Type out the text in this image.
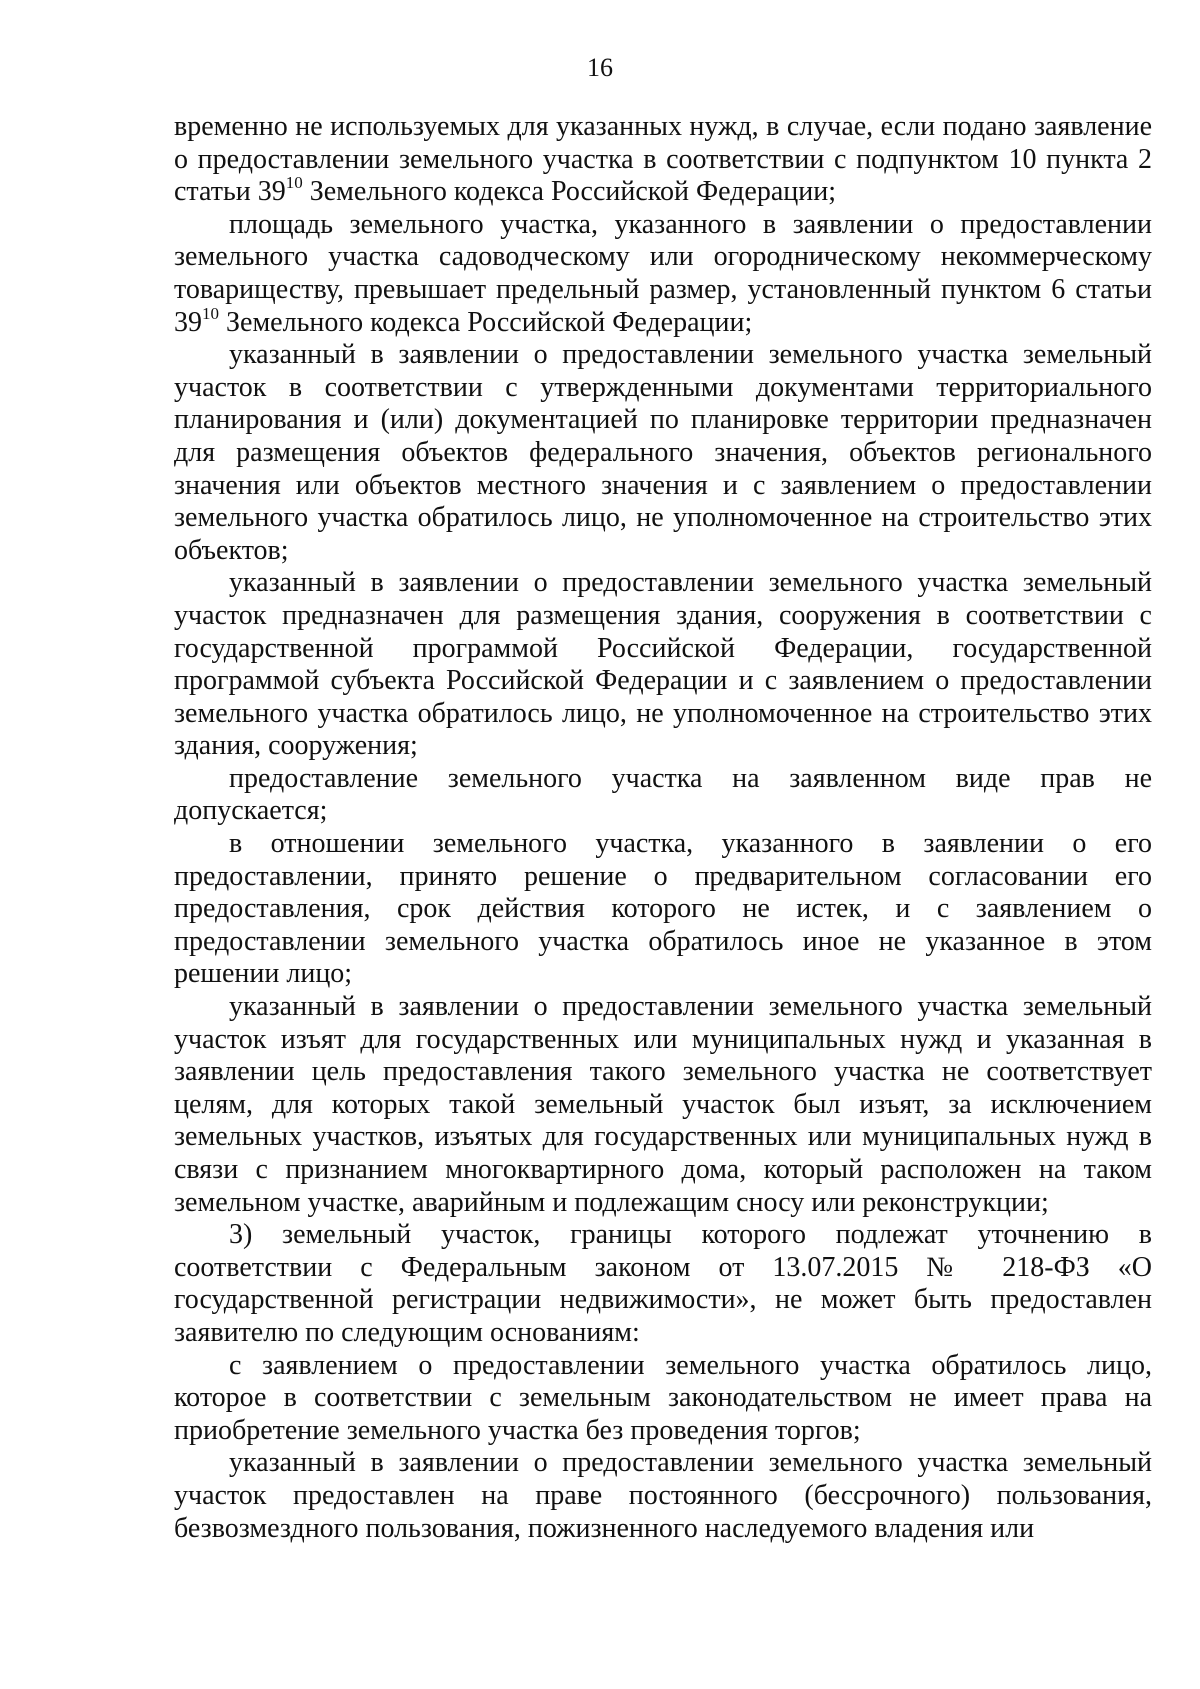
16

временно не используемых для указанных нужд, в случае, если подано заявление о предоставлении земельного участка в соответствии с подпунктом 10 пункта 2 статьи $39^{10}$ Земельного кодекса Российской Федерации;

площадь земельного участка, указанного в заявлении о предоставлении земельного участка садоводческому или огородническому некоммерческому товариществу, превышает предельный размер, установленный пунктом 6 статьи $39^{10}$ Земельного кодекса Российской Федерации;

указанный в заявлении о предоставлении земельного участка земельный участок в соответствии с утвержденными документами территориального планирования и (или) документацией по планировке территории предназначен для размещения объектов федерального значения, объектов регионального значения или объектов местного значения и с заявлением о предоставлении земельного участка обратилось лицо, не уполномоченное на строительство этих объектов;

указанный в заявлении о предоставлении земельного участка земельный участок предназначен для размещения здания, сооружения в соответствии с государственной программой Российской Федерации, государственной программой субъекта Российской Федерации и с заявлением о предоставлении земельного участка обратилось лицо, не уполномоченное на строительство этих здания, сооружения;

предоставление земельного участка на заявленном виде прав не допускается;

в отношении земельного участка, указанного в заявлении о его предоставлении, принято решение о предварительном согласовании его предоставления, срок действия которого не истек, и с заявлением о предоставлении земельного участка обратилось иное не указанное в этом решении лицо;

указанный в заявлении о предоставлении земельного участка земельный участок изъят для государственных или муниципальных нужд и указанная в заявлении цель предоставления такого земельного участка не соответствует целям, для которых такой земельный участок был изъят, за исключением земельных участков, изъятых для государственных или муниципальных нужд в связи с признанием многоквартирного дома, который расположен на таком земельном участке, аварийным и подлежащим сносу или реконструкции;

3) земельный участок, границы которого подлежат уточнению в соответствии с Федеральным законом от 13.07.2015 № 218-ФЗ «О государственной регистрации недвижимости», не может быть предоставлен заявителю по следующим основаниям:

с заявлением о предоставлении земельного участка обратилось лицо, которое в соответствии с земельным законодательством не имеет права на приобретение земельного участка без проведения торгов;

указанный в заявлении о предоставлении земельного участка земельный участок предоставлен на праве постоянного (бессрочного) пользования, безвозмездного пользования, пожизненного наследуемого владения или
